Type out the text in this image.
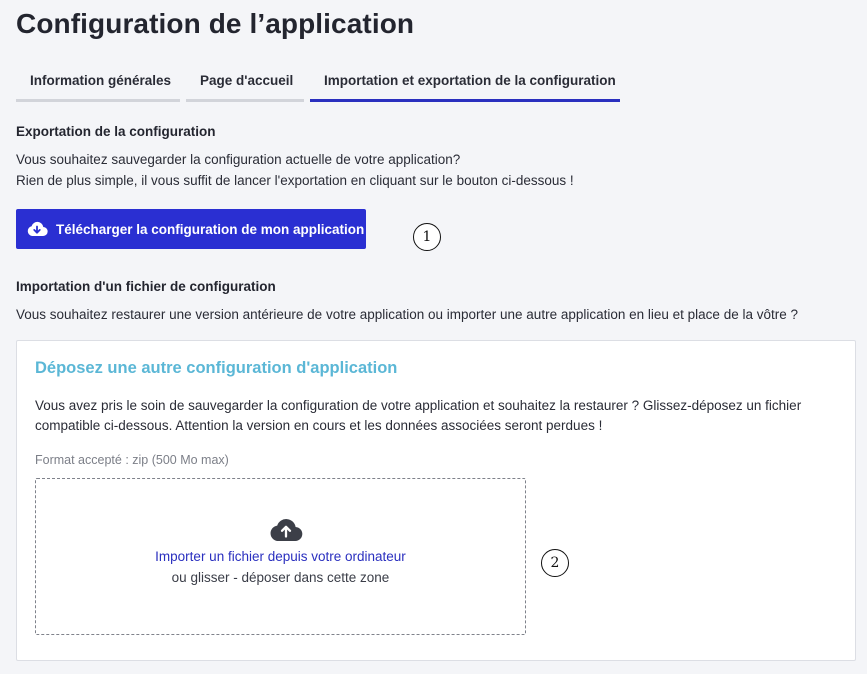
Configuration de l’application
Information générales	Page d'accueil	Importation et exportation de la configuration
Exportation de la configuration

Vous souhaitez sauvegarder la configuration actuelle de votre application?

Rien de plus simple, il vous suffit de lancer l'exportation en cliquant sur le bouton ci-dessous !

Télécharger la configuration de mon application	1
Importation d'un fichier de configuration

Vous souhaitez restaurer une version antérieure de votre application ou importer une autre application en lieu et place de la vôtre ?

Déposez une autre configuration d'application

Vous avez pris le soin de sauvegarder la configuration de votre application et souhaitez la restaurer ? Glissez-déposez un fichier

compatible ci-dessous. Attention la version en cours et les données associées seront perdues !

Format accepté : zip (500 Mo max)

Importer un fichier depuis votre ordinateur
ou glisser - déposer dans cette zone
2
